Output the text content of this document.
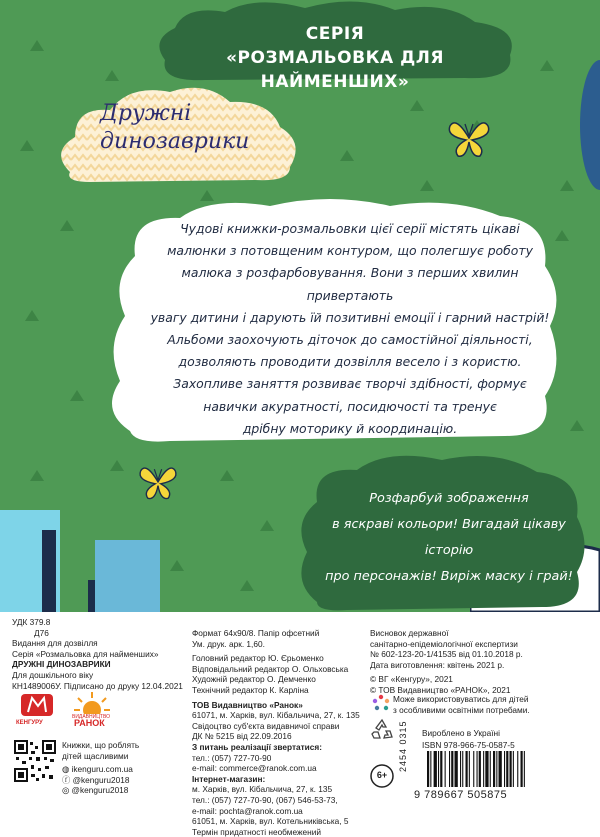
СЕРІЯ
«РОЗМАЛЬОВКА ДЛЯ НАЙМЕНШИХ»
Дружні
динозаврики
Чудові книжки-розмальовки цієї серії містять цікаві
малюнки з потовщеним контуром, що полегшує роботу
малюка з розфарбовування. Вони з перших хвилин привертають
увагу дитини і дарують їй позитивні емоції і гарний настрій!
Альбоми заохочують діточок до самостійної діяльності,
дозволяють проводити дозвілля весело і з користю.
Захопливе заняття розвиває творчі здібності, формує
навички акуратності, посидючості та тренує
дрібну моторику й координацію.
Розфарбуй зображення
в яскраві кольори! Вигадай цікаву історію
про персонажів! Виріж маску і грай!
УДК 379.8
Д76
Видання для дозвілля
Серія «Розмальовка для найменших»
ДРУЖНІ ДИНОЗАВРИКИ
Для дошкільного віку
КН1489006У. Підписано до друку 12.04.2021
КЕНГУРУ
ВИДАВНИЦТВО
РАНОК
Книжки, що роблять
дітей щасливими
◍ ikenguru.com.ua
ⓕ @kenguru2018
◎ @kenguru2018
Формат 64х90/8. Папір офсетний
Ум. друк. арк. 1,60.
Головний редактор Ю. Єрьоменко
Відповідальний редактор О. Ольховська
Художній редактор О. Демченко
Технічний редактор К. Карліна
ТОВ Видавництво «Ранок»
61071, м. Харків, вул. Кібальчича, 27, к. 135
Свідоцтво суб'єкта видавничої справи
ДК № 5215 від 22.09.2016
З питань реалізації звертатися:
тел.: (057) 727-70-90
e-mail: commerce@ranok.com.ua
Інтернет-магазин:
м. Харків, вул. Кібальчича, 27, к. 135
тел.: (057) 727-70-90, (067) 546-53-73,
e-mail: pochta@ranok.com.ua
61051, м. Харків, вул. Котельниківська, 5
Термін придатності необмежений
Висновок державної
санітарно-епідеміологічної експертизи
№ 602-123-20-1/41535 від 01.10.2018 р.
Дата виготовлення: квітень 2021 р.
© ВГ «Кенгуру», 2021
© ТОВ Видавництво «РАНОК», 2021
Може використовуватись для дітей
з особливими освітніми потребами.
6+
2454 0315 Вироблено в Україні
ISBN 978-966-75-0587-5
9 789667 505875
